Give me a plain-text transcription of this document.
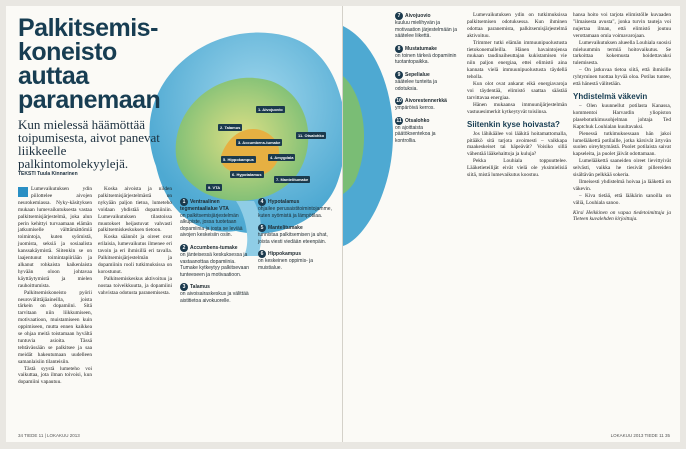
Palkitsemis-koneisto auttaa paranemaan
Kun mielessä häämöttää toipumisesta, aivot panevat liikkeelle palkintomolekyylejä.
TEKSTI Tuula Kinnarinen
2. Talamus
1. Aivojuovio
11. Otsalohko
3. Accumbens-tumake
4. Amygdala
5. Hippokampus
6. Hypotalamus
7. Mantelitumake
9. VTA

Lumevaikutuksen ydin piilottelee aivojen neurokemiassa. Nyky-käsityksen mukaan lumevaikutuksesta vastaa palkitsemisjärjestelmä, joka alun perin kehittyi turvaamaan elämän jatkumiselle välttämättömiä toimintoja, kuten syömistä, juomista, seksiä ja sosiaalista kanssakäymistä. Siitenkin se on laajentunut toimintapiiriään ja alkanut rohkaista kaikenlaista hyvään oloon johtavaa käyttäytymistä ja mielen rauhoittumista.

Palkitsemiskoneisto pyörii neurovälittäjäaineilla, joista tärkein on dopamiini. Sitä tarvitaan niin liikkumiseen, motivaatioon, muistamiseen kuin oppimiseen, mutta ennen kaikkea se ohjaa meitä toistamaan hyvältä tuntuvia asioita. Tässä tehtävässään se palkitsee ja saa meidät hakeutumaan uudelleen samanlaisiin tilanteisiin.

Tästä syystä lumeteho voi vaikuttaa, jota ilman toivoisi, kun dopamiini vapautuu.

Koska aivoista ja niiden palkitsemisjärjestelmästä on nykyään paljon tietoa, lumeteho voidaan yhdistää dopamiiniin. Lumevaikutuksen tilastoissa muutokset heijastuvat vahvasti palkitsemiskeskuksen tietoon.

Koska säännöt ja oireet ovat erilaisia, lumevaikutus ilmenee eri tavoin ja eri ihmisillä eri tavalla. Palkitsemisjärjestelmän ja dopamiinin rooli tutkimuksissa on korostunut.

Palkitsemiskeskus aktivoituu ja nostaa toiveikkuutta, ja dopamiini vahvistaa odotusta paranemisesta.

1 Ventraalinen tegmentaalialue VTA
on palkitsemisjärjestelmän alkupiste, jossa tuotetaan dopamiinia ja josta se leviää aivojen keskeisiin osiin.
2 Accumbens-tumake
on jänteisessä keskuksessa ja vastaanottaa dopamiinia. Tumake kytkeytyy palkitsevaan tunteeseen ja motivaatioon.
3 Talamus
on aivoisairaskeskus ja välittää aistitietoa aivokuorelle.
4 Hypotalamus
ohjailee perusaistitoimintojamme, kuten syömistä ja lämpötilaa.
5 Mantelitumake
tunnistaa palkitsemisen ja uhat, joista viesti viedään eteenpäin.
6 Hippokampus
on keskeinen oppimis- ja muistialue.
34 TIEDE 11 | LOKAKUU 2013
7 Aivojuovio
kuuluu mielihyvän ja motivaation järjestelmään ja säätelee liikettä.
8 Mustatumake
on toinen tärkeä dopamiinin tuotantopaikka.
9 Sepelialue
säätelee tunteita ja odotuksia.
10 Aivorestennerkkä
ympäröivä kerros.
11 Otsalohko
on ajoittaista päätöksentekoa ja kontrollia.

Lumevaikutuksen ydin on tutkimuksissa palkitsemisen odotuksessa. Kun ihminen odottaa paranemista, palkitsemisjärjestelmä aktivoituu.

Trimmer tutki elämän immuunipuolustusta tietokonemalleilla. Hänen havaintojensa mukaan taudinaiheuttajan kukistamisen vie niin paljon energiaa, ettei elimistö aina kannata vielä immuunipuolustusta täydellä teholla.

Kun olot ovat ankarat eikä energiavaroja voi täydentää, elimistö saattaa säästää tarvittavaa energiaa.

Hänen mukaansa immuunijärjestelmän vastuuesimerkit kytkeytyvät toisiinsa.

Siitenkin kyse hoivasta?

Jos lähikäälee voi lääkitä hoitamattomalla, pitääkö sitä tarjota avoimesti – vaikkapa maakeskeiset tai häpeävät? Voisiko sillä vähentää lääkehaittoja ja kuluja?

Pekka Louhiala toppuuttelee. Lääketieteilijät eivät vielä ole yksimielisiä siitä, mistä lumevaikutus koostuu.

hansa hoito voi tarjota elimistölle kuvaaden "ilmaisesta avusta", jonka turvin tauteja voi nujertaa ilman, että elimistö joutuu verottamaan omia voimavarojaan.

Lumevaikutuksen alueella Louhiala suosisi mieluummin termiä hoitovaikutus. Se tarkoittaa kokemusta hoidettavaksi tulemisesta.

– On jatkuvaa tietoa siitä, että ihmisille ryhtyminen tuottaa hyvää oloa. Potilas tuntee, että hänestä välitetään.

Yhdistelmä väkevin

– Olen kuunnellut potilasta Kanassa, kommentoi Harvardin yliopiston plasebotutkimusohjelman johtaja Ted Kaptchuk Louhialan kuultavaksi.

Pienessä tutkimuksessaan hän jakoi lumelääkettä potilaille, jotka kärsivät ärtyvän suolen oireyhtymästä. Puolet potilaista saivat kapseleita, ja puolet jäivät odottamaan.

Lumelääkettä saaneiden oireet lievittyivät selvästi, vaikka he tiesivät pillereiden sisältävän pelkkää sokeria.

Ilmeisesti yhdistelmä hoivaa ja lääkettä on väkevin.

– Kiva tietää, että lääkärin sanoilla on väliä, Louhiala sanoo.

Kirsi Heikkinen on vapaa tiedetoimittaja ja Tieteen kuvalehden kirjoittaja.

LOKAKUU 2013 TIEDE 11 35
